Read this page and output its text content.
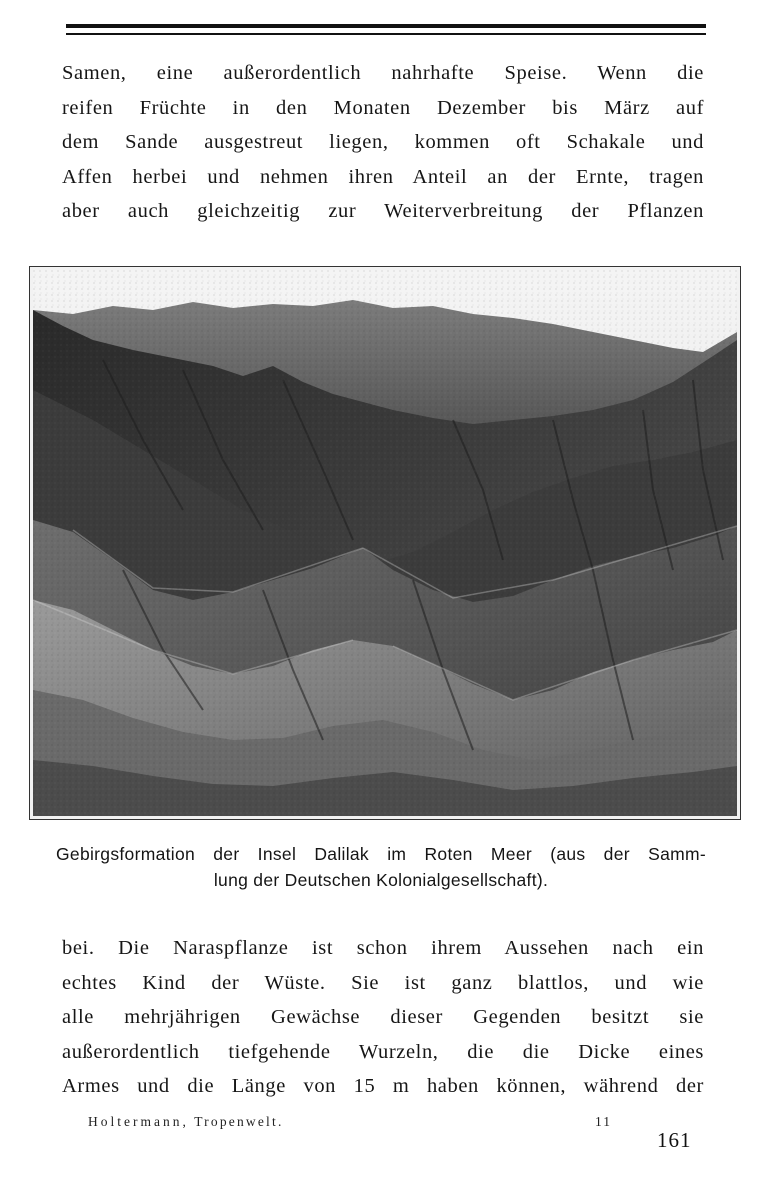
Samen, eine außerordentlich nahrhafte Speise. Wenn die
reifen Früchte in den Monaten Dezember bis März auf
dem Sande ausgestreut liegen, kommen oft Schakale und
Affen herbei und nehmen ihren Anteil an der Ernte, tragen
aber auch gleichzeitig zur Weiterverbreitung der Pflanzen
Gebirgsformation der Insel Dalilak im Roten Meer (aus der Samm-
lung der Deutschen Kolonialgesellschaft).
bei. Die Naraspflanze ist schon ihrem Aussehen nach ein
echtes Kind der Wüste. Sie ist ganz blattlos, und wie
alle mehrjährigen Gewächse dieser Gegenden besitzt sie
außerordentlich tiefgehende Wurzeln, die die Dicke eines
Armes und die Länge von 15 m haben können, während der
Holtermann, Tropenwelt.	11
161
